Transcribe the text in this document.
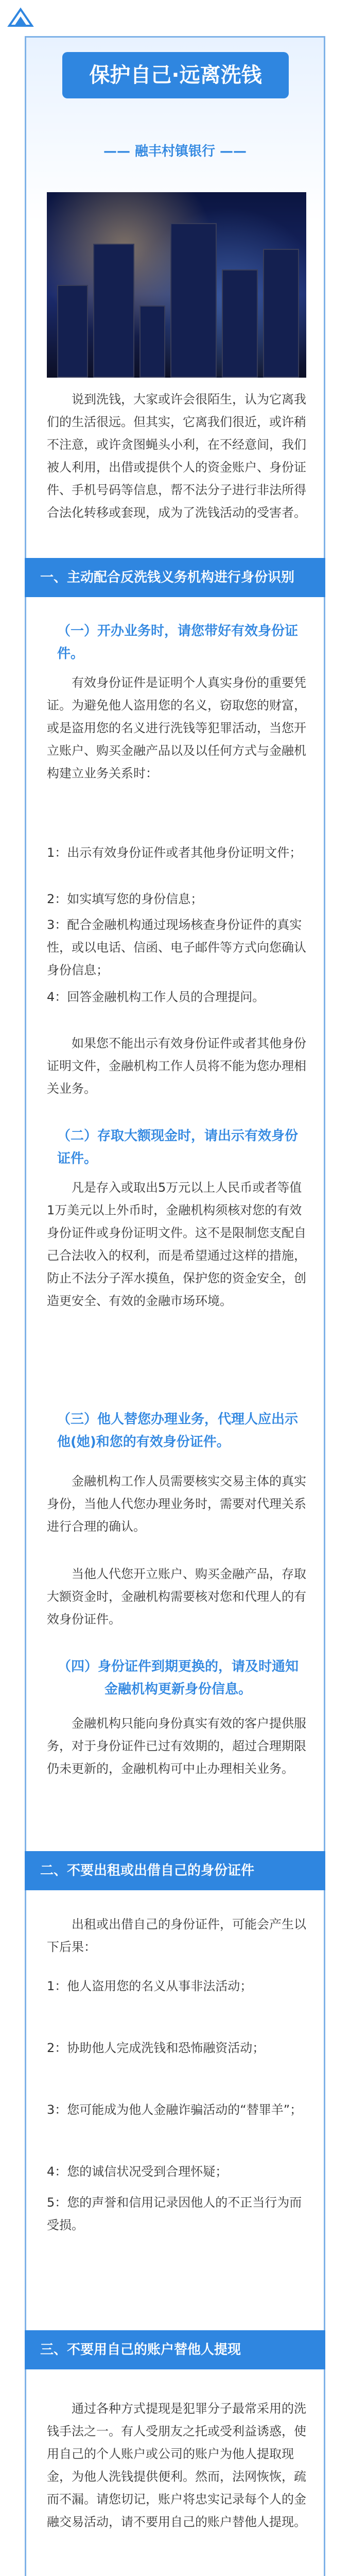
保护自己·远离洗钱
—— 融丰村镇银行 ——
说到洗钱，大家或许会很陌生，认为它离我们的生活很远。但其实，它离我们很近，或许稍不注意，或许贪图蝇头小利，在不经意间，我们被人利用，出借或提供个人的资金账户、身份证件、手机号码等信息，帮不法分子进行非法所得合法化转移或套现，成为了洗钱活动的受害者。
一、主动配合反洗钱义务机构进行身份识别
（一）开办业务时，请您带好有效身份证件。
有效身份证件是证明个人真实身份的重要凭证。为避免他人盗用您的名义，窃取您的财富，或是盗用您的名义进行洗钱等犯罪活动，当您开立账户、购买金融产品以及以任何方式与金融机构建立业务关系时：
1：出示有效身份证件或者其他身份证明文件；
2：如实填写您的身份信息；
3：配合金融机构通过现场核查身份证件的真实性，或以电话、信函、电子邮件等方式向您确认身份信息；
4：回答金融机构工作人员的合理提问。
如果您不能出示有效身份证件或者其他身份证明文件，金融机构工作人员将不能为您办理相关业务。
（二）存取大额现金时，请出示有效身份证件。
凡是存入或取出5万元以上人民币或者等值1万美元以上外币时，金融机构须核对您的有效身份证件或身份证明文件。这不是限制您支配自己合法收入的权利，而是希望通过这样的措施，防止不法分子浑水摸鱼，保护您的资金安全，创造更安全、有效的金融市场环境。
（三）他人替您办理业务，代理人应出示他(她)和您的有效身份证件。
金融机构工作人员需要核实交易主体的真实身份，当他人代您办理业务时，需要对代理关系进行合理的确认。
当他人代您开立账户、购买金融产品，存取大额资金时，金融机构需要核对您和代理人的有效身份证件。
（四）身份证件到期更换的，请及时通知金融机构更新身份信息。
金融机构只能向身份真实有效的客户提供服务，对于身份证件已过有效期的，超过合理期限仍未更新的，金融机构可中止办理相关业务。
二、不要出租或出借自己的身份证件
出租或出借自己的身份证件，可能会产生以下后果：
1：他人盗用您的名义从事非法活动；
2：协助他人完成洗钱和恐怖融资活动；
3：您可能成为他人金融诈骗活动的“替罪羊”；
4：您的诚信状况受到合理怀疑；
5：您的声誉和信用记录因他人的不正当行为而受损。
三、不要用自己的账户替他人提现
通过各种方式提现是犯罪分子最常采用的洗钱手法之一。有人受朋友之托或受利益诱惑，使用自己的个人账户或公司的账户为他人提取现金，为他人洗钱提供便利。然而，法网恢恢，疏而不漏。请您切记，账户将忠实记录每个人的金融交易活动，请不要用自己的账户替他人提现。
